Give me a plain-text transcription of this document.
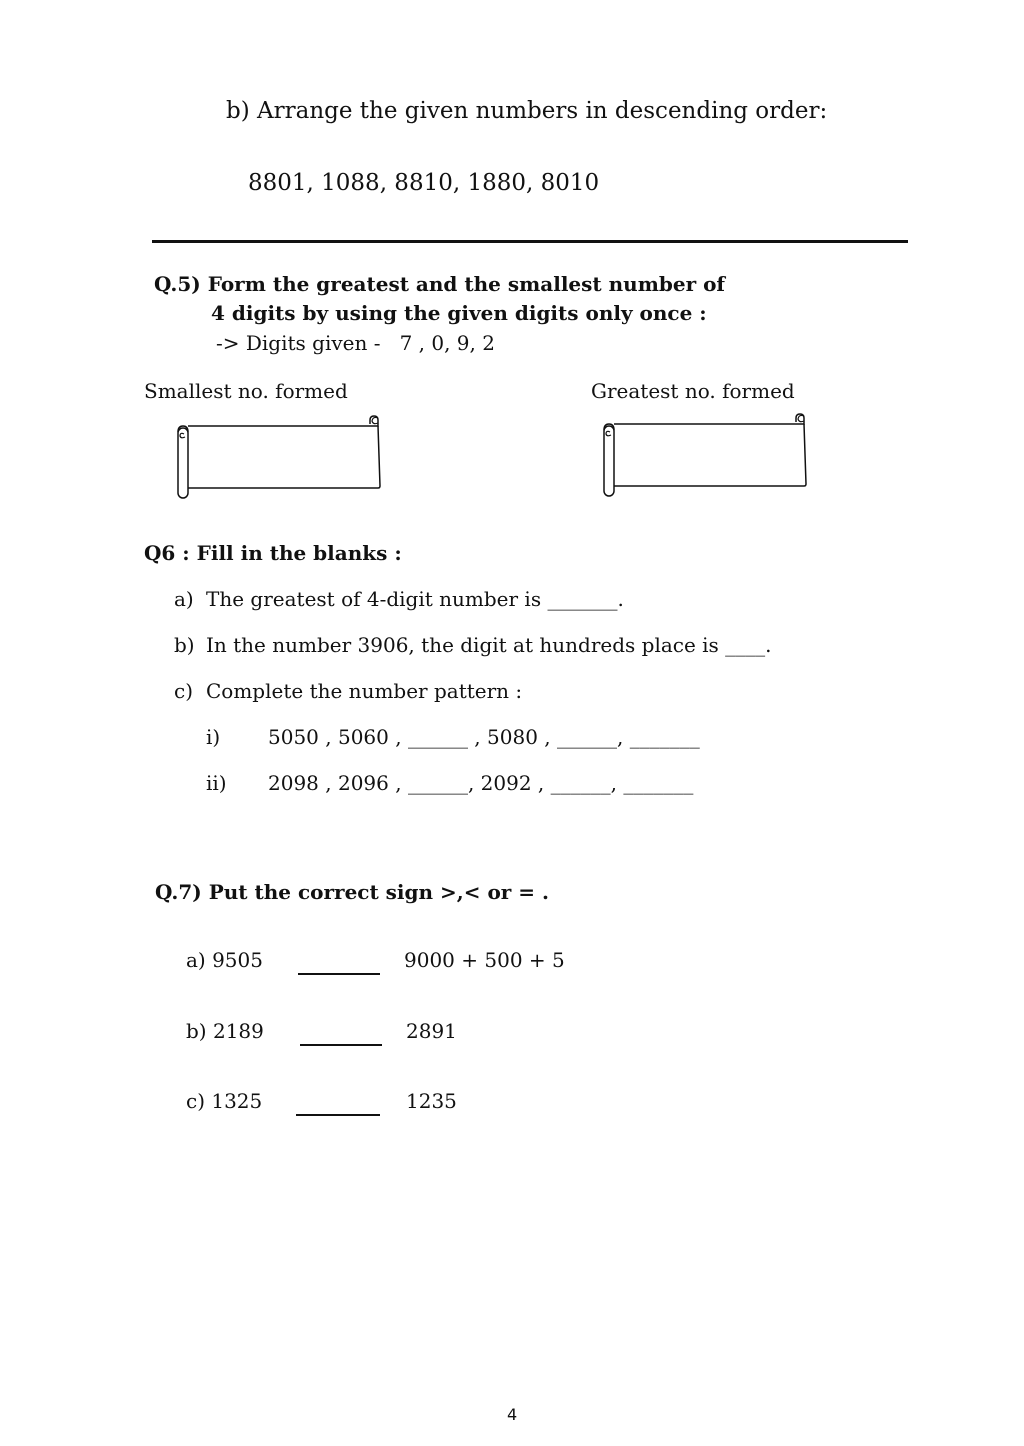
b) Arrange the given numbers in descending order:
8801, 1088, 8810, 1880, 8010
Q.5) Form the greatest and the smallest number of
4 digits by using the given digits only once :
-> Digits given -   7 , 0, 9, 2
Smallest no. formed	Greatest no. formed
Q6 : Fill in the blanks :
a) The greatest of 4-digit number is _______.
b) In the number 3906, the digit at hundreds place is ____.
c) Complete the number pattern :
i) 5050 , 5060 , ______ , 5080 , ______, _______
ii) 2098 , 2096 , ______, 2092 , ______, _______
Q.7) Put the correct sign >,< or = .
a) 9505	9000 + 500 + 5
b) 2189	2891
c) 1325	1235
4
